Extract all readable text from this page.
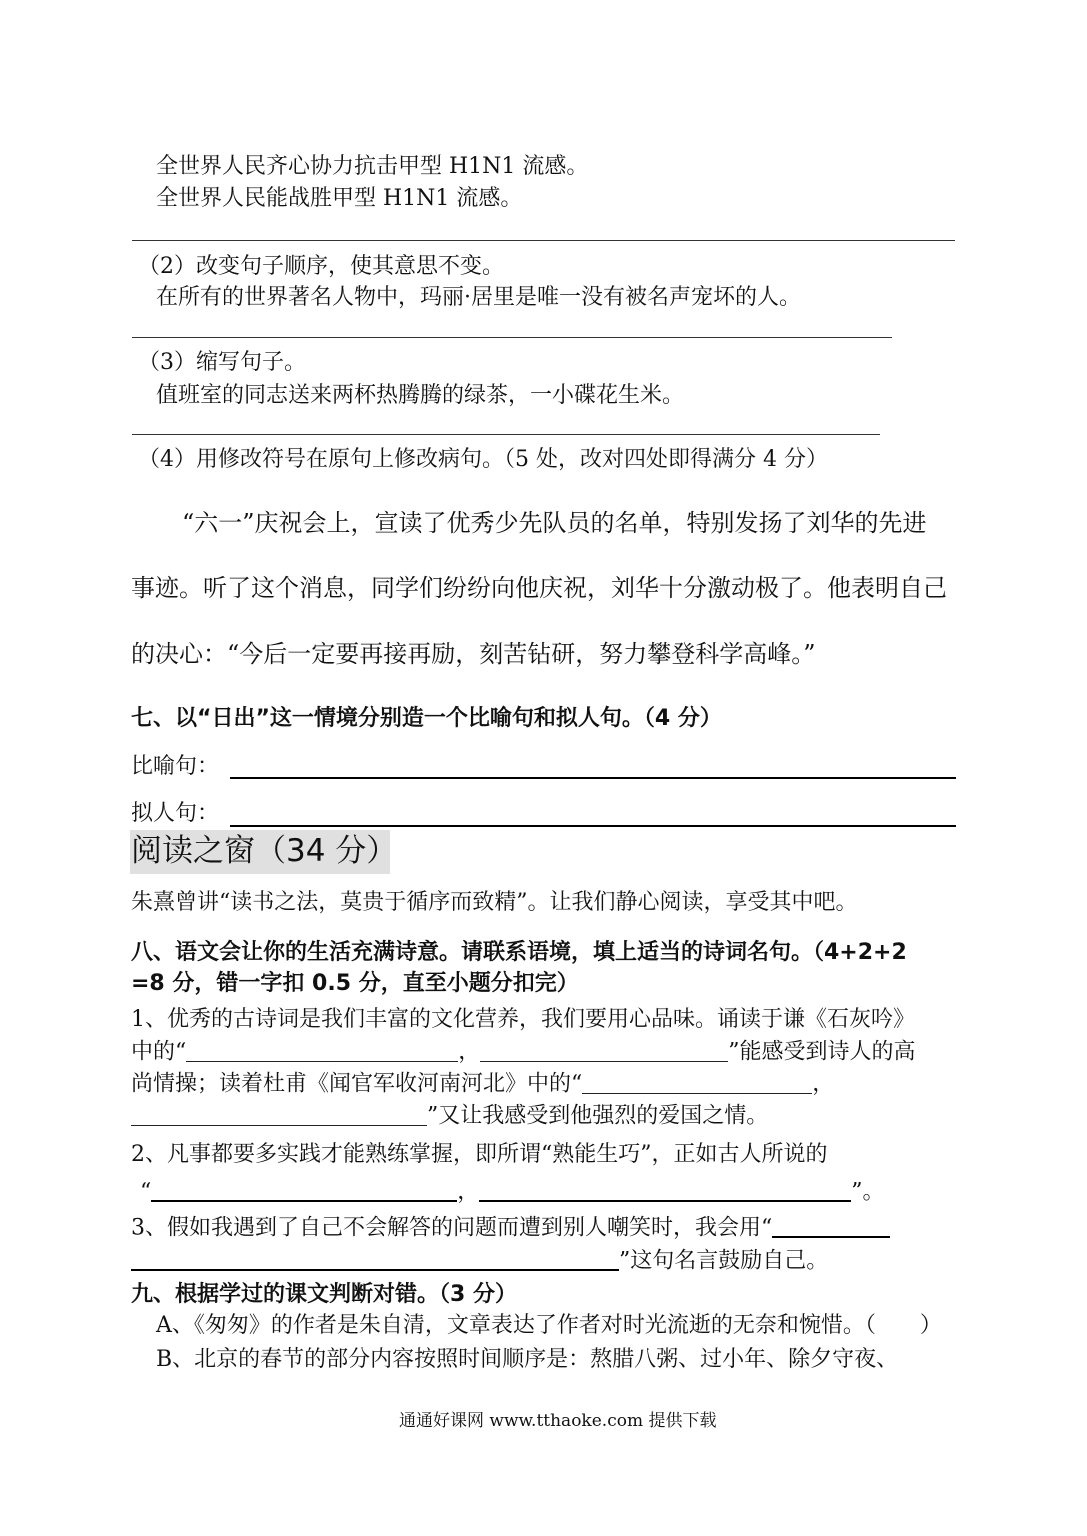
全世界人民齐心协力抗击甲型 H1N1 流感。
全世界人民能战胜甲型 H1N1 流感。
（2）改变句子顺序，使其意思不变。
在所有的世界著名人物中，玛丽·居里是唯一没有被名声宠坏的人。
（3）缩写句子。
值班室的同志送来两杯热腾腾的绿茶，一小碟花生米。
（4）用修改符号在原句上修改病句。（5 处，改对四处即得满分 4 分）
“六一”庆祝会上，宣读了优秀少先队员的名单，特别发扬了刘华的先进
事迹。听了这个消息，同学们纷纷向他庆祝，刘华十分激动极了。他表明自己
的决心：“今后一定要再接再励，刻苦钻研，努力攀登科学高峰。”
七、以“日出”这一情境分别造一个比喻句和拟人句。（4 分）
比喻句：
拟人句：
阅读之窗（34 分）
朱熹曾讲“读书之法，莫贵于循序而致精”。让我们静心阅读，享受其中吧。
八、语文会让你的生活充满诗意。请联系语境，填上适当的诗词名句。（4+2+2
=8 分，错一字扣 0.5 分，直至小题分扣完）
1、优秀的古诗词是我们丰富的文化营养，我们要用心品味。诵读于谦《石灰吟》
中的“	，	”能感受到诗人的高
尚情操；读着杜甫《闻官军收河南河北》中的“	，
”又让我感受到他强烈的爱国之情。
2、凡事都要多实践才能熟练掌握，即所谓“熟能生巧”，正如古人所说的
“	，	”。
3、假如我遇到了自己不会解答的问题而遭到别人嘲笑时，我会用“
”这句名言鼓励自己。
九、根据学过的课文判断对错。（3 分）
A、《匆匆》的作者是朱自清，文章表达了作者对时光流逝的无奈和惋惜。（　　）
B、北京的春节的部分内容按照时间顺序是：熬腊八粥、过小年、除夕守夜、
通通好课网 www.tthaoke.com 提供下载
